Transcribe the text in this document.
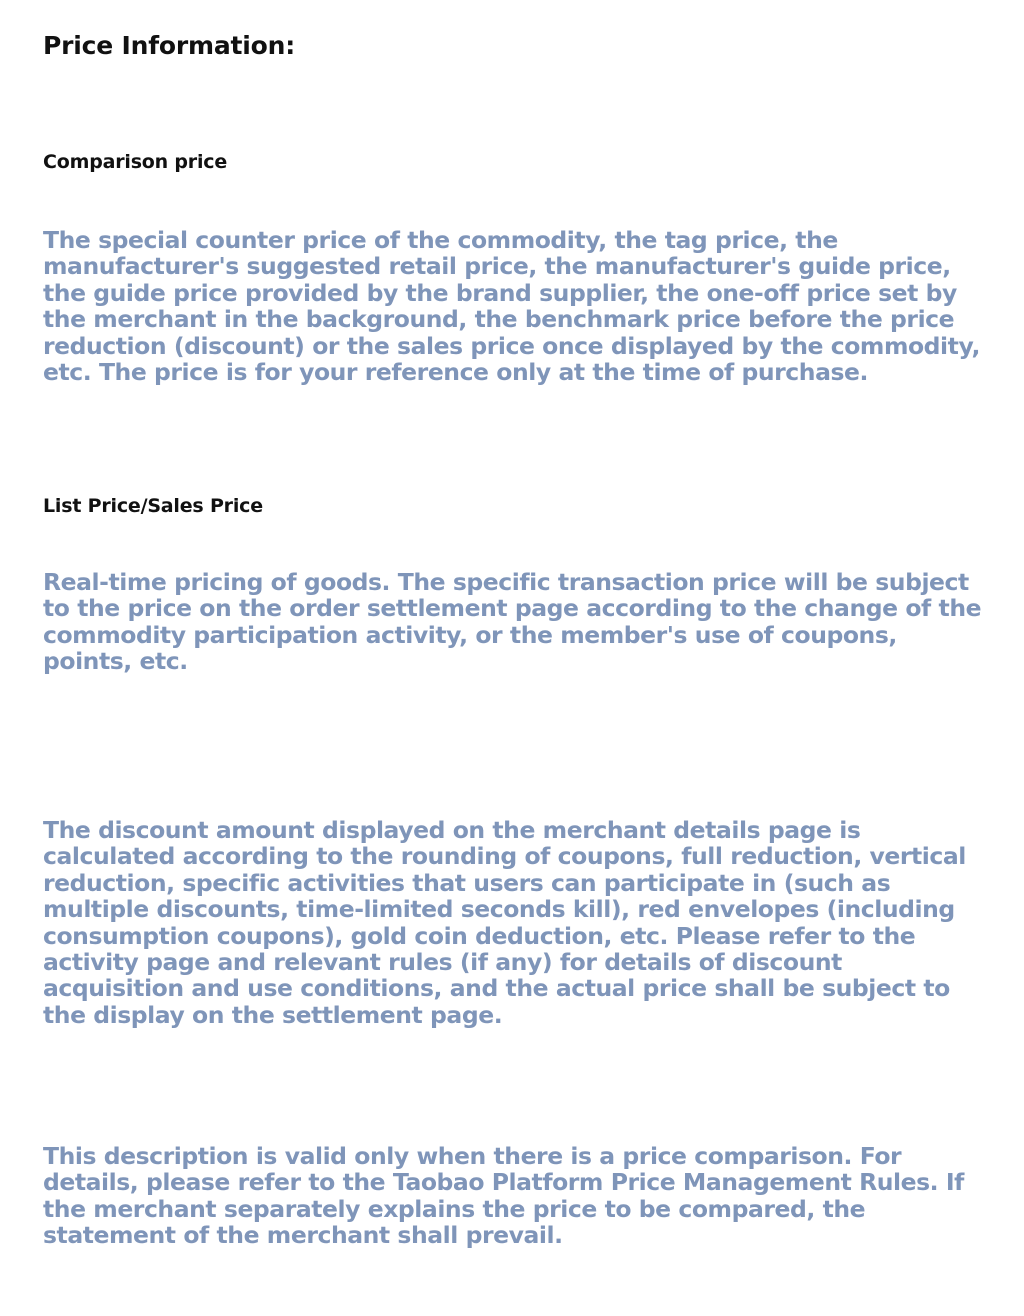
Price Information:
Comparison price

The special counter price of the commodity, the tag price, the manufacturer's suggested retail price, the manufacturer's guide price, the guide price provided by the brand supplier, the one-off price set by the merchant in the background, the benchmark price before the price reduction (discount) or the sales price once displayed by the commodity, etc. The price is for your reference only at the time of purchase.

List Price/Sales Price

Real-time pricing of goods. The specific transaction price will be subject to the price on the order settlement page according to the change of the commodity participation activity, or the member's use of coupons, points, etc.

The discount amount displayed on the merchant details page is calculated according to the rounding of coupons, full reduction, vertical reduction, specific activities that users can participate in (such as multiple discounts, time-limited seconds kill), red envelopes (including consumption coupons), gold coin deduction, etc. Please refer to the activity page and relevant rules (if any) for details of discount acquisition and use conditions, and the actual price shall be subject to the display on the settlement page.

This description is valid only when there is a price comparison. For details, please refer to the Taobao Platform Price Management Rules. If the merchant separately explains the price to be compared, the statement of the merchant shall prevail.
